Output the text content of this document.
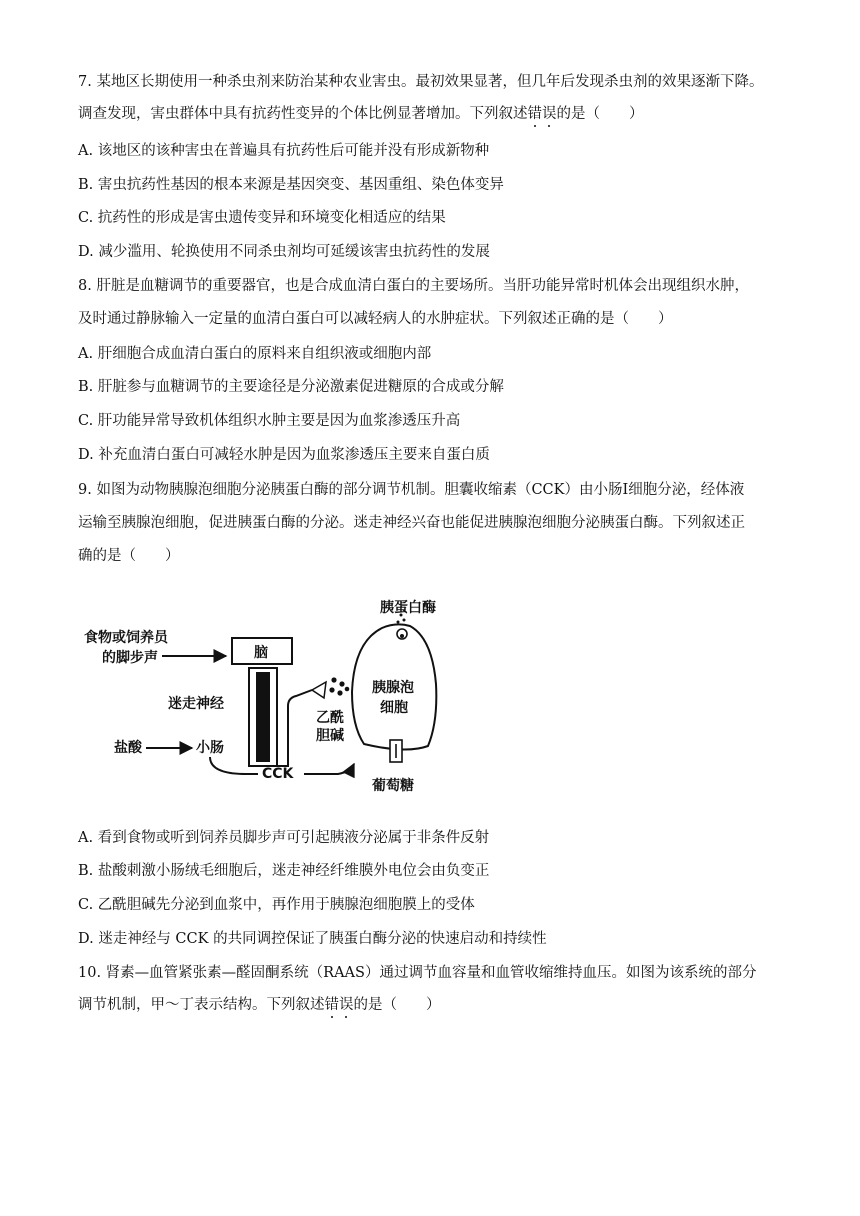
7. 某地区长期使用一种杀虫剂来防治某种农业害虫。最初效果显著，但几年后发现杀虫剂的效果逐渐下降。
调查发现，害虫群体中具有抗药性变异的个体比例显著增加。下列叙述错误的是（　　）
A. 该地区的该种害虫在普遍具有抗药性后可能并没有形成新物种
B. 害虫抗药性基因的根本来源是基因突变、基因重组、染色体变异
C. 抗药性的形成是害虫遗传变异和环境变化相适应的结果
D. 减少滥用、轮换使用不同杀虫剂均可延缓该害虫抗药性的发展
8. 肝脏是血糖调节的重要器官，也是合成血清白蛋白的主要场所。当肝功能异常时机体会出现组织水肿，
及时通过静脉输入一定量的血清白蛋白可以减轻病人的水肿症状。下列叙述正确的是（　　）
A. 肝细胞合成血清白蛋白的原料来自组织液或细胞内部
B. 肝脏参与血糖调节的主要途径是分泌激素促进糖原的合成或分解
C. 肝功能异常导致机体组织水肿主要是因为血浆渗透压升高
D. 补充血清白蛋白可减轻水肿是因为血浆渗透压主要来自蛋白质
9. 如图为动物胰腺泡细胞分泌胰蛋白酶的部分调节机制。胆囊收缩素（CCK）由小肠Ⅰ细胞分泌，经体液
运输至胰腺泡细胞，促进胰蛋白酶的分泌。迷走神经兴奋也能促进胰腺泡细胞分泌胰蛋白酶。下列叙述正
确的是（　　）
食物或饲养员
的脚步声	脑
迷走神经
乙酰
胆碱
盐酸	小肠
CCK
胰腺泡
细胞
胰蛋白酶
葡萄糖
A. 看到食物或听到饲养员脚步声可引起胰液分泌属于非条件反射
B. 盐酸刺激小肠绒毛细胞后，迷走神经纤维膜外电位会由负变正
C. 乙酰胆碱先分泌到血浆中，再作用于胰腺泡细胞膜上的受体
D. 迷走神经与 CCK 的共同调控保证了胰蛋白酶分泌的快速启动和持续性
10. 肾素—血管紧张素—醛固酮系统（RAAS）通过调节血容量和血管收缩维持血压。如图为该系统的部分
调节机制，甲～丁表示结构。下列叙述错误的是（　　）
